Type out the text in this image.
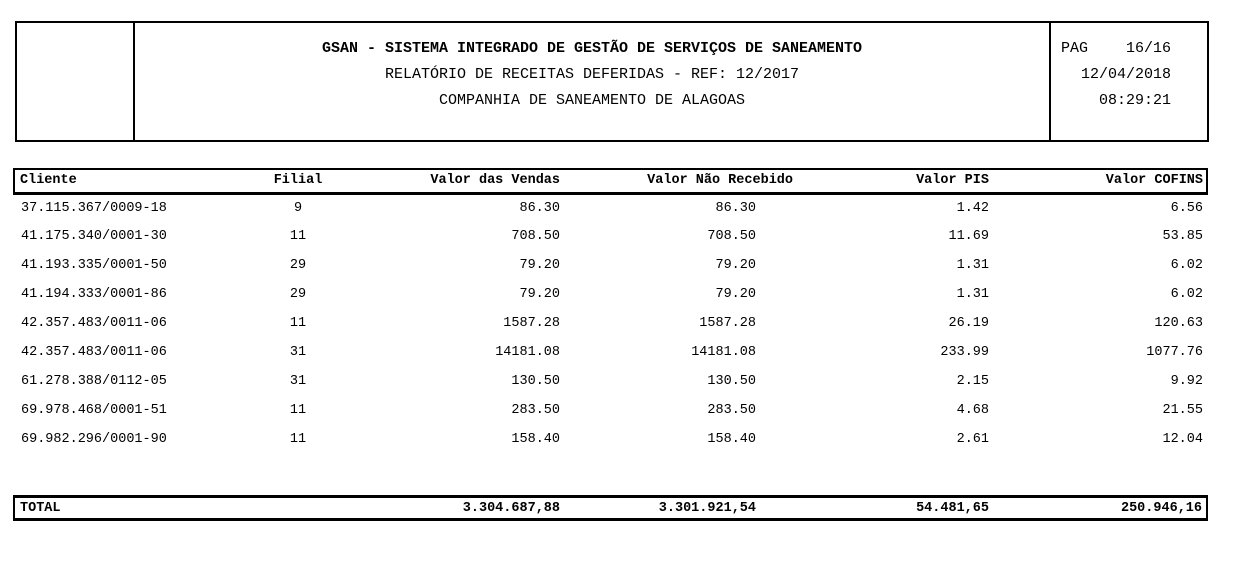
GSAN - SISTEMA INTEGRADO DE GESTÃO DE SERVIÇOS DE SANEAMENTO
RELATÓRIO DE RECEITAS DEFERIDAS - REF: 12/2017
COMPANHIA DE SANEAMENTO DE ALAGOAS
PAG	16/16
12/04/2018
08:29:21
Cliente	Filial	Valor das Vendas	Valor Não Recebido	Valor PIS	Valor COFINS
37.115.367/0009-18	9	86.30	86.30	1.42	6.56
41.175.340/0001-30	11	708.50	708.50	11.69	53.85
41.193.335/0001-50	29	79.20	79.20	1.31	6.02
41.194.333/0001-86	29	79.20	79.20	1.31	6.02
42.357.483/0011-06	11	1587.28	1587.28	26.19	120.63
42.357.483/0011-06	31	14181.08	14181.08	233.99	1077.76
61.278.388/0112-05	31	130.50	130.50	2.15	9.92
69.978.468/0001-51	11	283.50	283.50	4.68	21.55
69.982.296/0001-90	11	158.40	158.40	2.61	12.04
TOTAL		3.304.687,88	3.301.921,54	54.481,65	250.946,16
